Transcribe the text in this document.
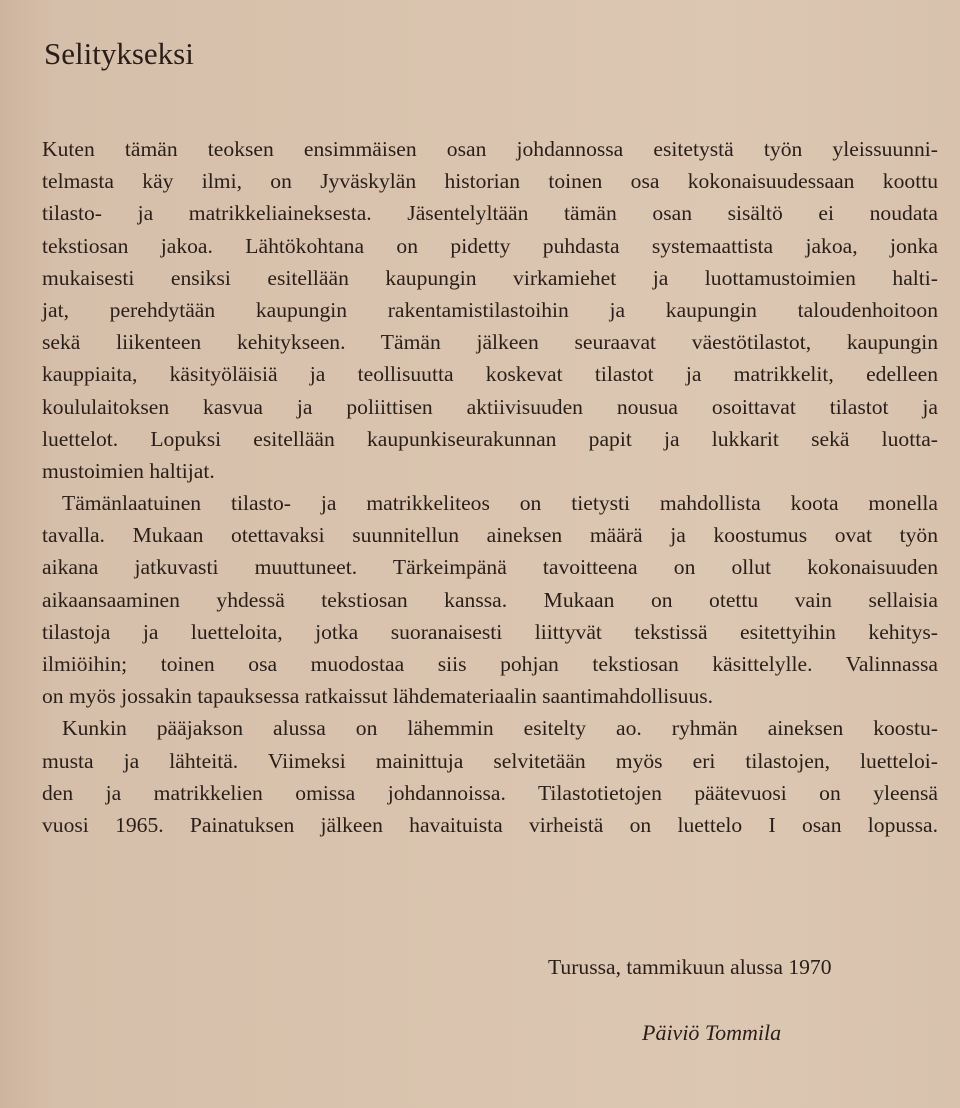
Selitykseksi
Kuten tämän teoksen ensimmäisen osan johdannossa esitetystä työn yleissuunni-
telmasta käy ilmi, on Jyväskylän historian toinen osa kokonaisuudessaan koottu
tilasto- ja matrikkeliaineksesta. Jäsentelyltään tämän osan sisältö ei noudata
tekstiosan jakoa. Lähtökohtana on pidetty puhdasta systemaattista jakoa, jonka
mukaisesti ensiksi esitellään kaupungin virkamiehet ja luottamustoimien halti-
jat, perehdytään kaupungin rakentamistilastoihin ja kaupungin taloudenhoitoon
sekä liikenteen kehitykseen. Tämän jälkeen seuraavat väestötilastot, kaupungin
kauppiaita, käsityöläisiä ja teollisuutta koskevat tilastot ja matrikkelit, edelleen
koululaitoksen kasvua ja poliittisen aktiivisuuden nousua osoittavat tilastot ja
luettelot. Lopuksi esitellään kaupunkiseurakunnan papit ja lukkarit sekä luotta-
mustoimien haltijat.
Tämänlaatuinen tilasto- ja matrikkeliteos on tietysti mahdollista koota monella
tavalla. Mukaan otettavaksi suunnitellun aineksen määrä ja koostumus ovat työn
aikana jatkuvasti muuttuneet. Tärkeimpänä tavoitteena on ollut kokonaisuuden
aikaansaaminen yhdessä tekstiosan kanssa. Mukaan on otettu vain sellaisia
tilastoja ja luetteloita, jotka suoranaisesti liittyvät tekstissä esitettyihin kehitys-
ilmiöihin; toinen osa muodostaa siis pohjan tekstiosan käsittelylle. Valinnassa
on myös jossakin tapauksessa ratkaissut lähdemateriaalin saantimahdollisuus.
Kunkin pääjakson alussa on lähemmin esitelty ao. ryhmän aineksen koostu-
musta ja lähteitä. Viimeksi mainittuja selvitetään myös eri tilastojen, luetteloi-
den ja matrikkelien omissa johdannoissa. Tilastotietojen päätevuosi on yleensä
vuosi 1965. Painatuksen jälkeen havaituista virheistä on luettelo I osan lopussa.
Turussa, tammikuun alussa 1970
Päiviö Tommila
